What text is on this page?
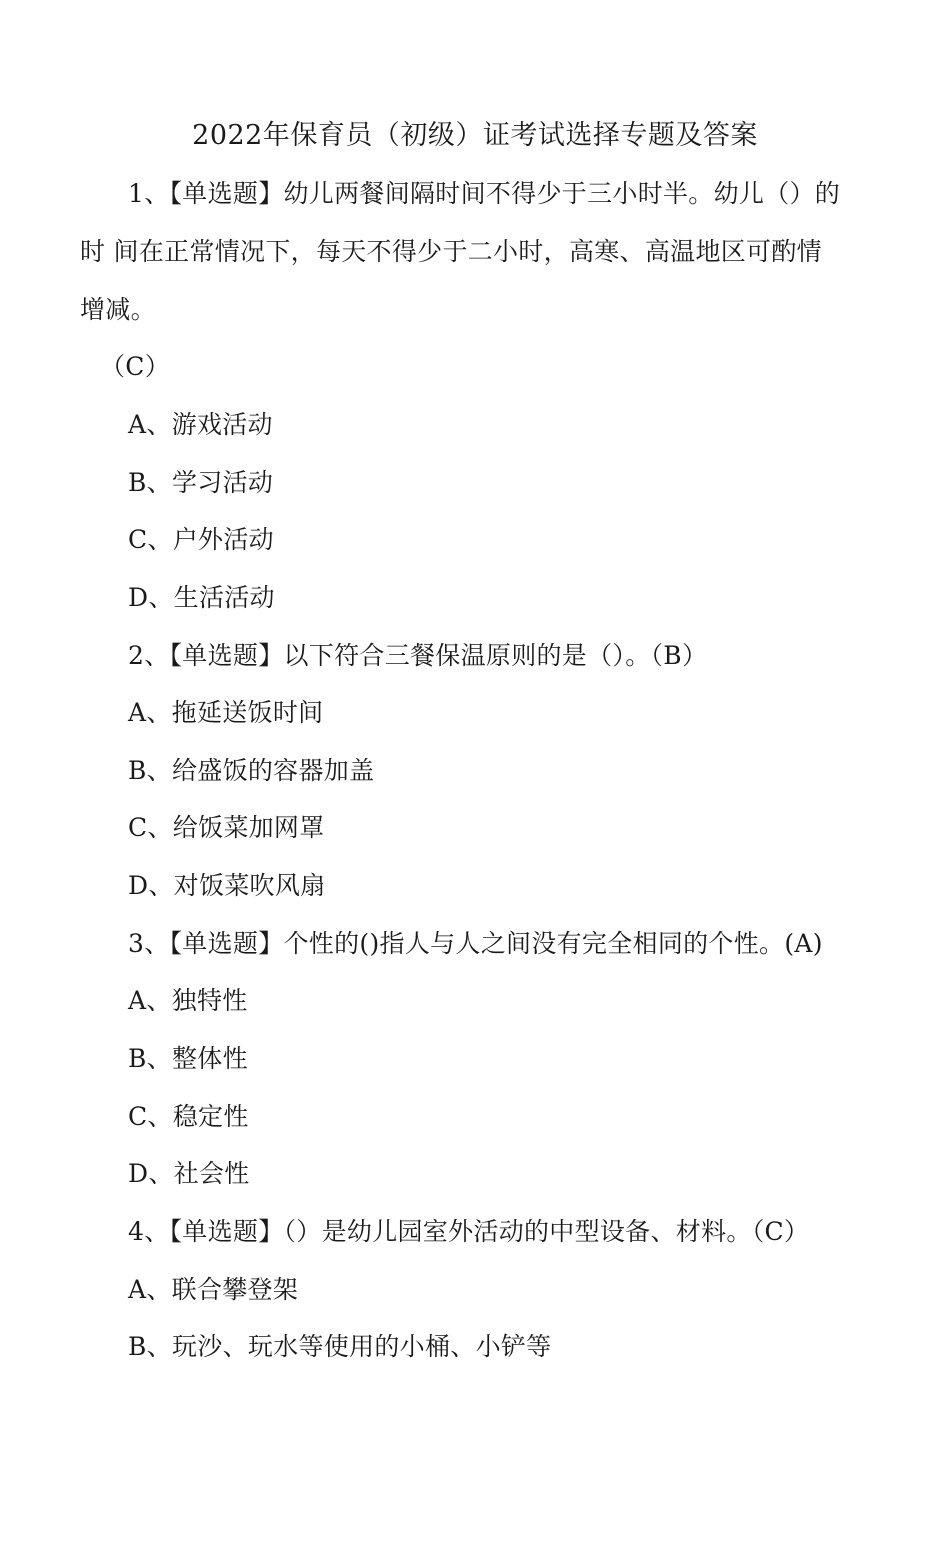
2022年保育员（初级）证考试选择专题及答案
1、【单选题】幼儿两餐间隔时间不得少于三小时半。幼儿（）的
时 间在正常情况下，每天不得少于二小时，高寒、高温地区可酌情
增减。
（C）
A、游戏活动
B、学习活动
C、户外活动
D、生活活动
2、【单选题】以下符合三餐保温原则的是（）。（B）
A、拖延送饭时间
B、给盛饭的容器加盖
C、给饭菜加网罩
D、对饭菜吹风扇
3、【单选题】个性的()指人与人之间没有完全相同的个性。(A)
A、独特性
B、整体性
C、稳定性
D、社会性
4、【单选题】（）是幼儿园室外活动的中型设备、材料。（C）
A、联合攀登架
B、玩沙、玩水等使用的小桶、小铲等
